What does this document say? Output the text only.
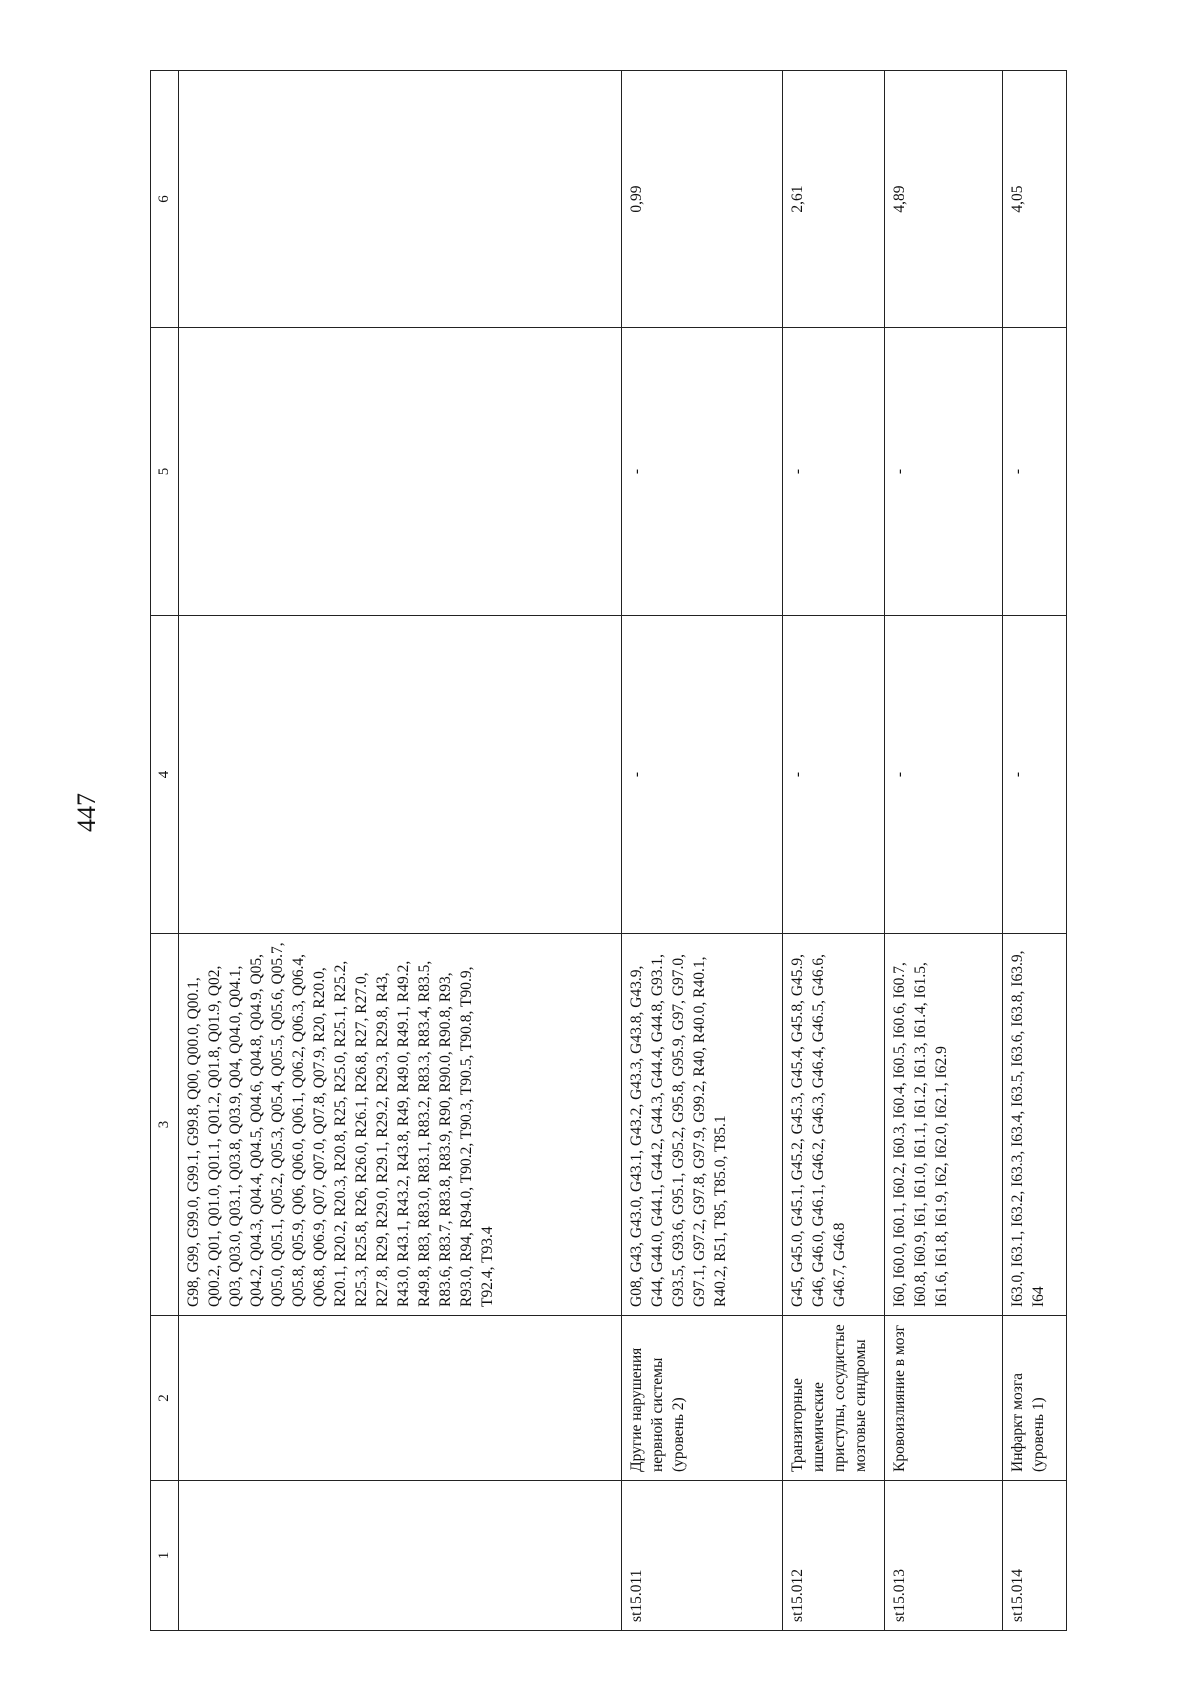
447
1	2	3	4	5	6
		G98, G99, G99.0, G99.1, G99.8, Q00, Q00.0, Q00.1, Q00.2, Q01, Q01.0, Q01.1, Q01.2, Q01.8, Q01.9, Q02, Q03, Q03.0, Q03.1, Q03.8, Q03.9, Q04, Q04.0, Q04.1, Q04.2, Q04.3, Q04.4, Q04.5, Q04.6, Q04.8, Q04.9, Q05, Q05.0, Q05.1, Q05.2, Q05.3, Q05.4, Q05.5, Q05.6, Q05.7, Q05.8, Q05.9, Q06, Q06.0, Q06.1, Q06.2, Q06.3, Q06.4, Q06.8, Q06.9, Q07, Q07.0, Q07.8, Q07.9, R20, R20.0, R20.1, R20.2, R20.3, R20.8, R25, R25.0, R25.1, R25.2, R25.3, R25.8, R26, R26.0, R26.1, R26.8, R27, R27.0, R27.8, R29, R29.0, R29.1, R29.2, R29.3, R29.8, R43, R43.0, R43.1, R43.2, R43.8, R49, R49.0, R49.1, R49.2, R49.8, R83, R83.0, R83.1, R83.2, R83.3, R83.4, R83.5, R83.6, R83.7, R83.8, R83.9, R90, R90.0, R90.8, R93, R93.0, R94, R94.0, T90.2, T90.3, T90.5, T90.8, T90.9, T92.4, T93.4			
st15.011	Другие нарушения нервной системы (уровень 2)	G08, G43, G43.0, G43.1, G43.2, G43.3, G43.8, G43.9, G44, G44.0, G44.1, G44.2, G44.3, G44.4, G44.8, G93.1, G93.5, G93.6, G95.1, G95.2, G95.8, G95.9, G97, G97.0, G97.1, G97.2, G97.8, G97.9, G99.2, R40, R40.0, R40.1, R40.2, R51, T85, T85.0, T85.1	-	-	0,99
st15.012	Транзиторные ишемические приступы, сосудистые мозговые синдромы	G45, G45.0, G45.1, G45.2, G45.3, G45.4, G45.8, G45.9, G46, G46.0, G46.1, G46.2, G46.3, G46.4, G46.5, G46.6, G46.7, G46.8	-	-	2,61
st15.013	Кровоизлияние в мозг	I60, I60.0, I60.1, I60.2, I60.3, I60.4, I60.5, I60.6, I60.7, I60.8, I60.9, I61, I61.0, I61.1, I61.2, I61.3, I61.4, I61.5, I61.6, I61.8, I61.9, I62, I62.0, I62.1, I62.9	-	-	4,89
st15.014	Инфаркт мозга (уровень 1)	I63.0, I63.1, I63.2, I63.3, I63.4, I63.5, I63.6, I63.8, I63.9, I64	-	-	4,05
